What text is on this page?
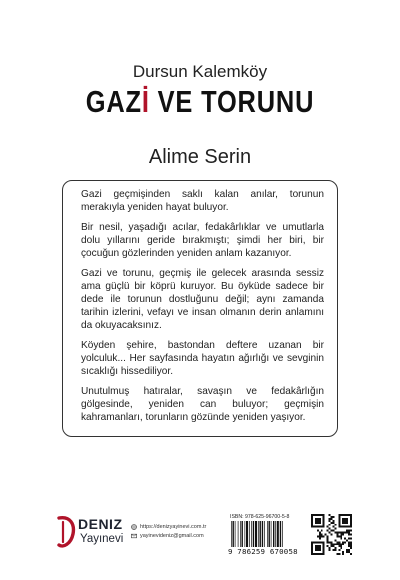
Dursun Kalemköy
GAZİ VE TORUNU
Alime Serin

Gazi geçmişinden saklı kalan anılar, torunun merakıyla yeniden hayat buluyor.

Bir nesil, yaşadığı acılar, fedakârlıklar ve umutlarla dolu yıllarını geride bırakmıştı; şimdi her biri, bir çocuğun gözlerinden yeniden anlam kazanıyor.

Gazi ve torunu, geçmiş ile gelecek arasında sessiz ama güçlü bir köprü kuruyor. Bu öyküde sadece bir dede ile torunun dostluğunu değil; aynı zamanda tarihin izlerini, vefayı ve insan olmanın derin anlamını da okuyacaksınız.

Köyden şehire, bastondan deftere uzanan bir yolculuk... Her sayfasında hayatın ağırlığı ve sevginin sıcaklığı hissediliyor.

Unutulmuş hatıralar, savaşın ve fedakârlığın gölgesinde, yeniden can buluyor; geçmişin kahramanları, torunların gözünde yeniden yaşıyor.

DENIZ
Yayınevi
https://denizyayinevi.com.tr
yayinevideniz@gmail.com
ISBN: 978-625-96700-5-8
9 786259 670058
